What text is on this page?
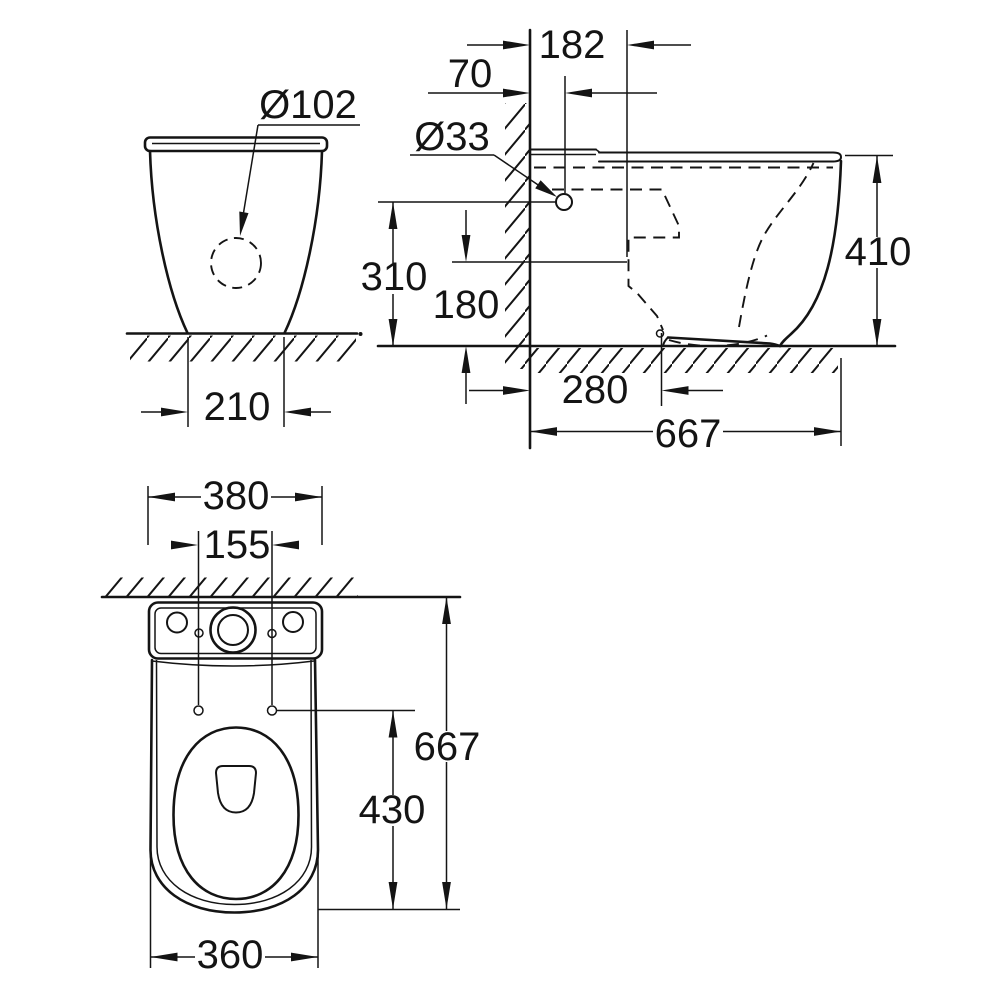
Ø102
210
182
70
Ø33
310
180
280
667
410
380
155
667
430
360
